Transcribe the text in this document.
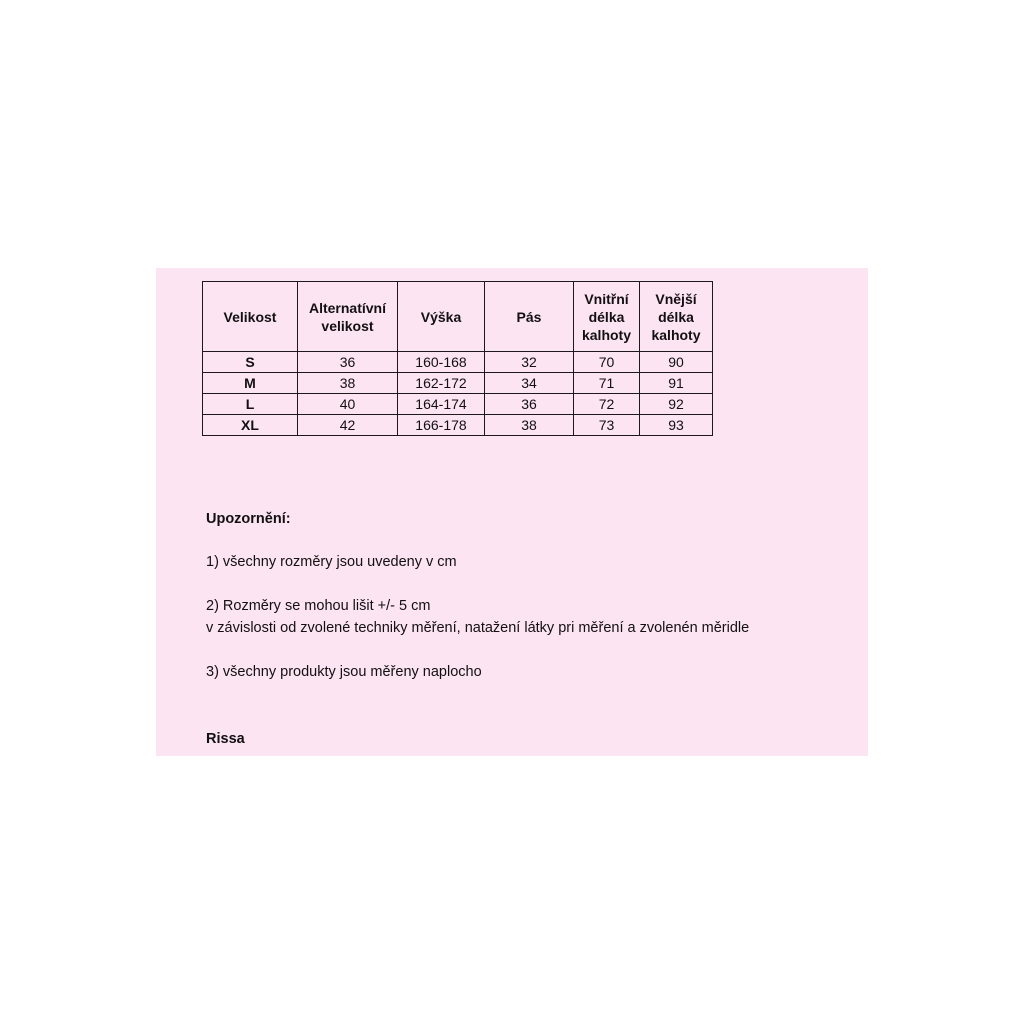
Velikost	Alternatívní velikost	Výška	Pás	Vnitřní délka kalhoty	Vnější délka kalhoty
S	36	160-168	32	70	90
M	38	162-172	34	71	91
L	40	164-174	36	72	92
XL	42	166-178	38	73	93
Upozornění:
1) všechny rozměry jsou uvedeny v cm
2) Rozměry se mohou lišit +/- 5 cm
v závislosti od zvolené techniky měření, natažení látky pri měření a zvolenén měridle
3) všechny produkty jsou měřeny naplocho
Rissa
